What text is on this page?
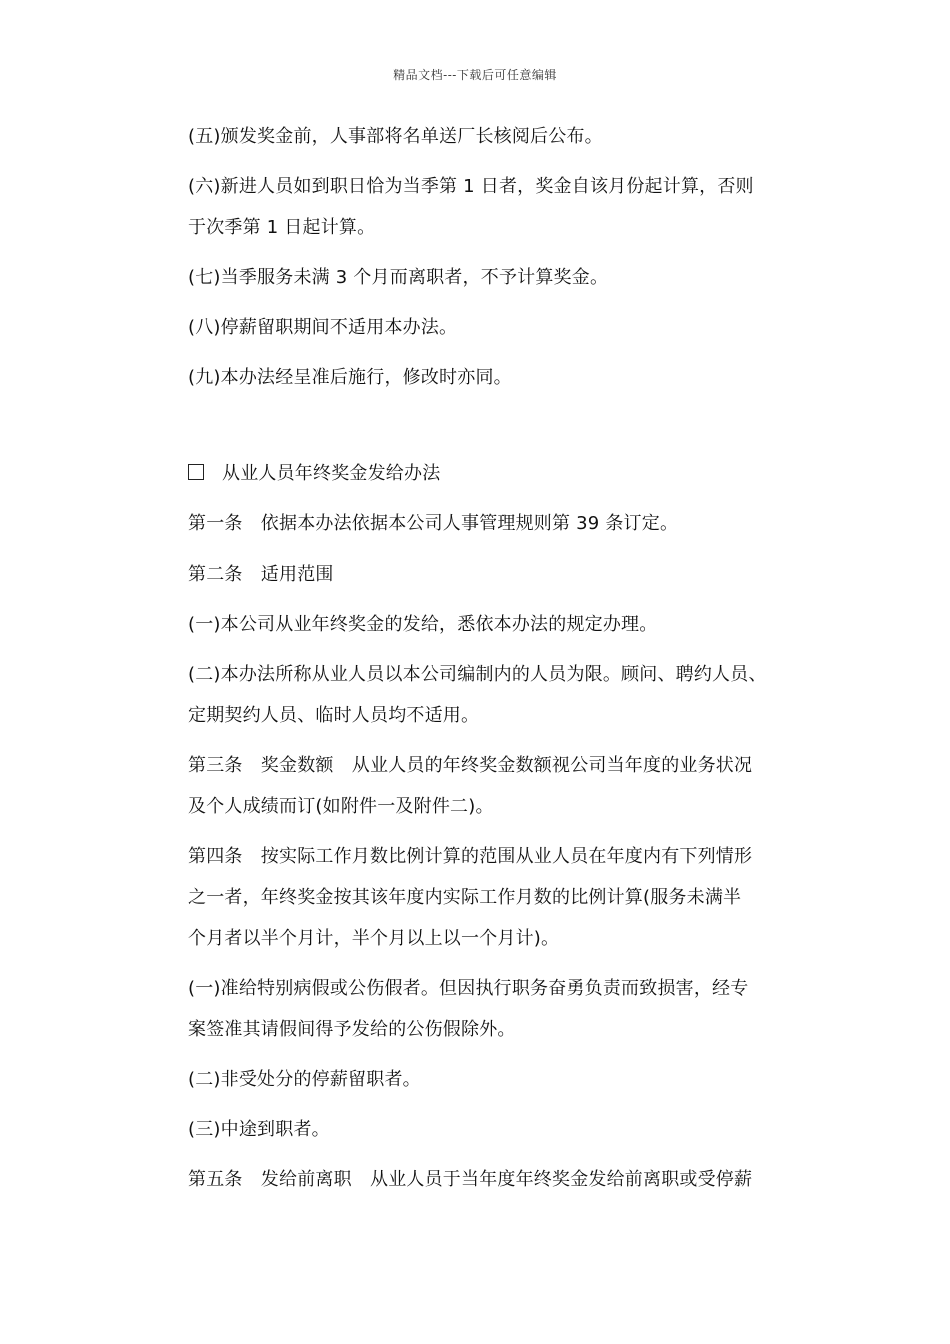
精品文档---下载后可任意编辑
(五)颁发奖金前，人事部将名单送厂长核阅后公布。
(六)新进人员如到职日恰为当季第 1 日者，奖金自该月份起计算，否则
于次季第 1 日起计算。
(七)当季服务未满 3 个月而离职者，不予计算奖金。
(八)停薪留职期间不适用本办法。
(九)本办法经呈准后施行，修改时亦同。
从业人员年终奖金发给办法
第一条　依据本办法依据本公司人事管理规则第 39 条订定。
第二条　适用范围
(一)本公司从业年终奖金的发给，悉依本办法的规定办理。
(二)本办法所称从业人员以本公司编制内的人员为限。顾问、聘约人员、
定期契约人员、临时人员均不适用。
第三条　奖金数额　从业人员的年终奖金数额视公司当年度的业务状况
及个人成绩而订(如附件一及附件二)。
第四条　按实际工作月数比例计算的范围从业人员在年度内有下列情形
之一者，年终奖金按其该年度内实际工作月数的比例计算(服务未满半
个月者以半个月计，半个月以上以一个月计)。
(一)准给特别病假或公伤假者。但因执行职务奋勇负责而致损害，经专
案签准其请假间得予发给的公伤假除外。
(二)非受处分的停薪留职者。
(三)中途到职者。
第五条　发给前离职　从业人员于当年度年终奖金发给前离职或受停薪
